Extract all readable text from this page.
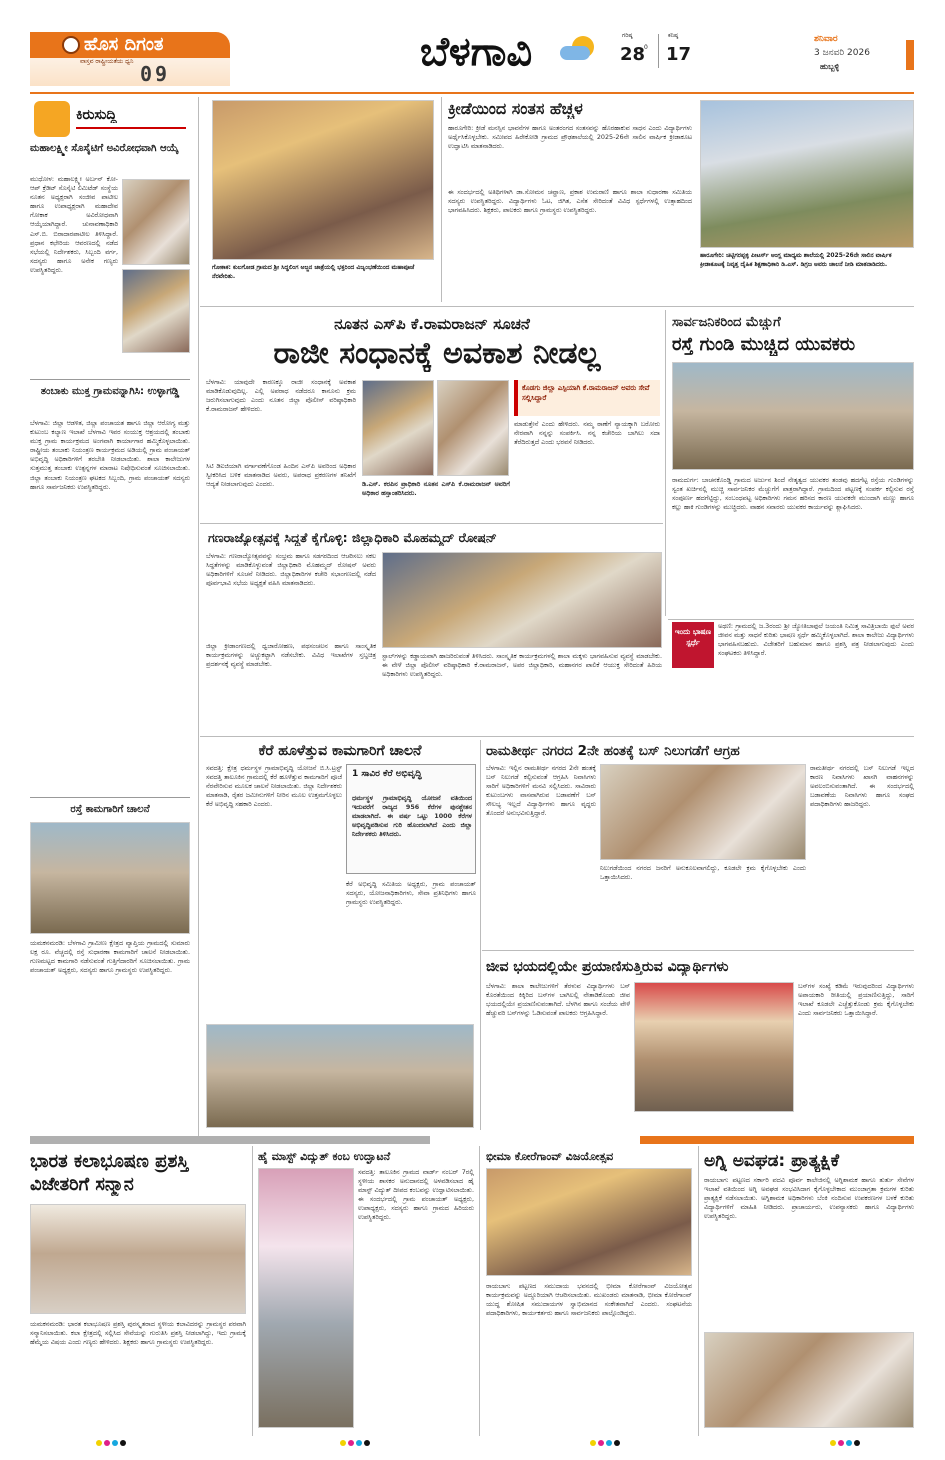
ಹೊಸ ದಿಗಂತ
ವಾಸ್ತವ ರಾಷ್ಟ್ರೀಯತೆಯ ಧ್ವನಿ
09	ಬೆಳಗಾವಿ	ಗರಿಷ್ಠ
28
0
ಕನಿಷ್ಠ
17
ಶನಿವಾರ
3 ಜನವರಿ 2026
ಹುಬ್ಬಳ್ಳಿ
ಕಿರುಸುದ್ದಿ
ಮಹಾಲಕ್ಷ್ಮೀ ಸೊಸೈಟಿಗೆ ಅವಿರೋಧವಾಗಿ ಆಯ್ಕೆ
ಮುಧೋಳ: ಮಹಾಲಕ್ಷ್ಮೀ ಅರ್ಬನ್ ಕೋ-ಆಪ್ ಕ್ರೆಡಿಟ್ ಸೊಸೈಟಿ ಲಿಮಿಟೆಡ್ ಸಂಸ್ಥೆಯ ನೂತನ ಅಧ್ಯಕ್ಷರಾಗಿ ಸಂಜೀವ ಪಾಟೀಲ ಹಾಗೂ ಉಪಾಧ್ಯಕ್ಷರಾಗಿ ಮಹಾದೇವ ಗೋಕಾಕ ಅವಿರೋಧವಾಗಿ ಆಯ್ಕೆಯಾಗಿದ್ದಾರೆ. ಚುನಾವಣಾಧಿಕಾರಿ ಎಸ್.ಬಿ. ಬಿರಾದಾರಪಾಟೀಲ ತಿಳಿಸಿದ್ದಾರೆ. ಪ್ರಧಾನ ಕಛೇರಿಯ ಆವರಣದಲ್ಲಿ ನಡೆದ ಸಭೆಯಲ್ಲಿ ನಿರ್ದೇಶಕರು, ಸಿಬ್ಬಂದಿ ವರ್ಗ, ಸದಸ್ಯರು ಹಾಗೂ ಅನೇಕ ಗಣ್ಯರು ಉಪಸ್ಥಿತರಿದ್ದರು.
ತಂಬಾಕು ಮುಕ್ತ ಗ್ರಾಮವನ್ನಾಗಿಸಿ: ಉಳ್ಳಾಗಡ್ಡಿ
ಬೆಳಗಾವಿ: ಜಿಲ್ಲಾ ಆಡಳಿತ, ಜಿಲ್ಲಾ ಪಂಚಾಯತ ಹಾಗೂ ಜಿಲ್ಲಾ ಆರೋಗ್ಯ ಮತ್ತು ಕುಟುಂಬ ಕಲ್ಯಾಣ ಇಲಾಖೆ ಬೆಳಗಾವಿ ಇವರ ಸಂಯುಕ್ತ ಆಶ್ರಯದಲ್ಲಿ ತಂಬಾಕು ಮುಕ್ತ ಗ್ರಾಮ ಕಾರ್ಯಕ್ರಮದ ಅಂಗವಾಗಿ ಕಾರ್ಯಾಗಾರ ಹಮ್ಮಿಕೊಳ್ಳಲಾಯಿತು. ರಾಷ್ಟ್ರೀಯ ತಂಬಾಕು ನಿಯಂತ್ರಣ ಕಾರ್ಯಕ್ರಮದ ಅಡಿಯಲ್ಲಿ ಗ್ರಾಮ ಪಂಚಾಯತ್ ಅಭಿವೃದ್ಧಿ ಅಧಿಕಾರಿಗಳಿಗೆ ತರಬೇತಿ ನೀಡಲಾಯಿತು. ಶಾಲಾ ಕಾಲೇಜುಗಳ ಸುತ್ತಮುತ್ತ ತಂಬಾಕು ಉತ್ಪನ್ನಗಳ ಮಾರಾಟ ನಿಷೇಧಿಸುವಂತೆ ಸೂಚಿಸಲಾಯಿತು. ಜಿಲ್ಲಾ ತಂಬಾಕು ನಿಯಂತ್ರಣ ಘಟಕದ ಸಿಬ್ಬಂದಿ, ಗ್ರಾಮ ಪಂಚಾಯತ್ ಸದಸ್ಯರು ಹಾಗೂ ಸಾರ್ವಜನಿಕರು ಉಪಸ್ಥಿತರಿದ್ದರು.
ರಸ್ತೆ ಕಾಮಗಾರಿಗೆ ಚಾಲನೆ
ಯಮಕನಮರಡಿ: ಬೆಳಗಾವಿ ಗ್ರಾಮೀಣ ಕ್ಷೇತ್ರದ ವ್ಯಾಪ್ತಿಯ ಗ್ರಾಮದಲ್ಲಿ ಸುಮಾರು ಲಕ್ಷ ರೂ. ವೆಚ್ಚದಲ್ಲಿ ರಸ್ತೆ ಸುಧಾರಣಾ ಕಾಮಗಾರಿಗೆ ಚಾಲನೆ ನೀಡಲಾಯಿತು. ಗುಣಮಟ್ಟದ ಕಾಮಗಾರಿ ನಡೆಸುವಂತೆ ಗುತ್ತಿಗೆದಾರರಿಗೆ ಸೂಚಿಸಲಾಯಿತು. ಗ್ರಾಮ ಪಂಚಾಯತ್ ಅಧ್ಯಕ್ಷರು, ಸದಸ್ಯರು ಹಾಗೂ ಗ್ರಾಮಸ್ಥರು ಉಪಸ್ಥಿತರಿದ್ದರು.
ಗೋಕಾಕ: ಕುಲಗೋಡ ಗ್ರಾಮದ ಶ್ರೀ ಸಿದ್ಧಲಿಂಗ ಅಜ್ಜನ ಜಾತ್ರೆಯಲ್ಲಿ ಭಕ್ತರಿಂದ ವಿಜೃಂಭಣೆಯಿಂದ ಮಹಾಪೂಜೆ ನೆರವೇರಿತು.
ಕ್ರೀಡೆಯಿಂದ ಸಂತಸ ಹೆಚ್ಚಳ
ಹಾರೂಗೇರಿ: ಕ್ರೀಡೆ ಮನಸ್ಸಿನ ಭಾವನೆಗಳ ಹಾಗೂ ಅಂತರಂಗದ ಸಂತಸವನ್ನು ಹೊರಹಾಕುವ ಸಾಧನ ಎಂದು ವಿದ್ಯಾರ್ಥಿಗಳು ಅರ್ಥೈಸಿಕೊಳ್ಳಬೇಕು. ಸಮೀಪದ ಹಿರೇಕೋಡಿ ಗ್ರಾಮದ ಪ್ರೌಢಶಾಲೆಯಲ್ಲಿ 2025-26ನೇ ಸಾಲಿನ ವಾರ್ಷಿಕ ಕ್ರೀಡಾಕೂಟ ಉದ್ಘಾಟಿಸಿ ಮಾತನಾಡಿದರು.
ಈ ಸಂದರ್ಭದಲ್ಲಿ ಅತಿಥಿಗಳಾಗಿ ಡಾ.ಸೋಮನ ಚವ್ಹಾಣ, ಪ್ರಕಾಶ ಉಮರಾಣಿ ಹಾಗೂ ಶಾಲಾ ಸುಧಾರಣಾ ಸಮಿತಿಯ ಸದಸ್ಯರು ಉಪಸ್ಥಿತರಿದ್ದರು. ವಿದ್ಯಾರ್ಥಿಗಳು ಓಟ, ಜಿಗಿತ, ಎಸೆತ ಸೇರಿದಂತೆ ವಿವಿಧ ಸ್ಪರ್ಧೆಗಳಲ್ಲಿ ಉತ್ಸಾಹದಿಂದ ಭಾಗವಹಿಸಿದರು. ಶಿಕ್ಷಕರು, ಪಾಲಕರು ಹಾಗೂ ಗ್ರಾಮಸ್ಥರು ಉಪಸ್ಥಿತರಿದ್ದರು.
ಹಾರೂಗೇರಿ: ಚಿಟ್ಟಿಗರಪ್ಪಳ್ಳಿ ಪೀಟರ್ಸ್ ಆಂಗ್ಲ ಮಾಧ್ಯಮ ಶಾಲೆಯಲ್ಲಿ 2025-26ನೇ ಸಾಲಿನ ವಾರ್ಷಿಕ ಕ್ರೀಡಾಕೂಟಕ್ಕೆ ನಿವೃತ್ತ ದೈಹಿಕ ಶಿಕ್ಷಣಾಧಿಕಾರಿ ಡಿ.ಎಸ್. ಡಿಗ್ರಜ ಅವರು ಚಾಲನೆ ನೀಡಿ ಮಾತನಾಡಿದರು.
ನೂತನ ಎಸ್‌ಪಿ ಕೆ.ರಾಮರಾಜನ್ ಸೂಚನೆ
ರಾಜೀ ಸಂಧಾನಕ್ಕೆ ಅವಕಾಶ ನೀಡಲ್ಲ
ಬೆಳಗಾವಿ: ಯಾವುದೇ ಕಾರಣಕ್ಕೂ ರಾಜೀ ಸಂಧಾನಕ್ಕೆ ಅವಕಾಶ ಮಾಡಿಕೊಡುವುದಿಲ್ಲ. ಎಲ್ಲಿ ಅಪರಾಧ ನಡೆದರೂ ಕಾನೂನು ಕ್ರಮ ಜರುಗಿಸಲಾಗುವುದು ಎಂದು ನೂತನ ಜಿಲ್ಲಾ ಪೊಲೀಸ್ ವರಿಷ್ಠಾಧಿಕಾರಿ ಕೆ.ರಾಮರಾಜನ್ ಹೇಳಿದರು.
ಸಿಟಿ ಡಿಐಜಿಯಾಗಿ ವರ್ಗಾವಣೆಗೊಂಡ ಹಿಂದಿನ ಎಸ್‌ಪಿ ಅವರಿಂದ ಅಧಿಕಾರ ಸ್ವೀಕರಿಸಿದ ಬಳಿಕ ಮಾತನಾಡಿದ ಅವರು, ಅಪರಾಧ ಪ್ರಕರಣಗಳ ತನಿಖೆಗೆ ಆದ್ಯತೆ ನೀಡಲಾಗುವುದು ಎಂದರು.	ಡಿ.ಎಸ್. ಕರಪಿನ ಪ್ರಾಧಿಕಾರಿ ನೂತನ ಎಸ್‌ಪಿ ಕೆ.ರಾಮರಾಜನ್ ಅವರಿಗೆ ಅಧಿಕಾರ ಹಸ್ತಾಂತರಿಸಿದರು.
ಕೊಡಗು ಜಿಲ್ಲಾ ಎಸ್ಪಿಯಾಗಿ ಕೆ.ರಾಮರಾಜನ್ ಅವರು ಸೇವೆ ಸಲ್ಲಿಸಿದ್ದಾರೆ
ಮಾಡುತ್ತೇನೆ ಎಂದು ಹೇಳಿದರು. ನಮ್ಮ ಠಾಣೆಗೆ ನ್ಯಾಯಕ್ಕಾಗಿ ಬರೋರು ನೇರವಾಗಿ ನನ್ನನ್ನು ಸಂಪರ್ಕಿಸಿ. ನನ್ನ ಕಚೇರಿಯ ಬಾಗಿಲು ಸದಾ ತೆರೆದಿರುತ್ತದೆ ಎಂದು ಭರವಸೆ ನೀಡಿದರು.
ಸಾರ್ವಜನಿಕರಿಂದ ಮೆಚ್ಚುಗೆ
ರಸ್ತೆ ಗುಂಡಿ ಮುಚ್ಚಿದ ಯುವಕರು
ರಾಮದುರ್ಗ: ಬಾಚನಕೊಂಡ್ಡಿ ಗ್ರಾಮದ ಅರ್ಜುನ ಶಿಂದೆ ನೇತೃತ್ವದ ಯುವಕರ ತಂಡವು ಹದಗೆಟ್ಟ ರಸ್ತೆಯ ಗುಂಡಿಗಳನ್ನು ಸ್ವಂತ ಖರ್ಚಿನಲ್ಲಿ ಮುಚ್ಚಿ ಸಾರ್ವಜನಿಕರ ಮೆಚ್ಚುಗೆಗೆ ಪಾತ್ರರಾಗಿದ್ದಾರೆ. ಗ್ರಾಮದಿಂದ ಪಟ್ಟಣಕ್ಕೆ ಸಂಪರ್ಕ ಕಲ್ಪಿಸುವ ರಸ್ತೆ ಸಂಪೂರ್ಣ ಹದಗೆಟ್ಟಿದ್ದು, ಸಂಬಂಧಪಟ್ಟ ಅಧಿಕಾರಿಗಳು ಗಮನ ಹರಿಸದ ಕಾರಣ ಯುವಕರೇ ಮುಂದಾಗಿ ಮಣ್ಣು ಹಾಗೂ ಕಲ್ಲು ಹಾಕಿ ಗುಂಡಿಗಳನ್ನು ಮುಚ್ಚಿದರು. ವಾಹನ ಸವಾರರು ಯುವಕರ ಕಾರ್ಯವನ್ನು ಶ್ಲಾಘಿಸಿದರು.
ಗಣರಾಜ್ಯೋತ್ಸವಕ್ಕೆ ಸಿದ್ಧತೆ ಕೈಗೊಳ್ಳಿ: ಜಿಲ್ಲಾಧಿಕಾರಿ ಮೊಹಮ್ಮದ್ ರೋಷನ್
ಬೆಳಗಾವಿ: ಗಣರಾಜ್ಯೋತ್ಸವವನ್ನು ಸಂಭ್ರಮ ಹಾಗೂ ಸಡಗರದಿಂದ ಆಚರಿಸಲು ಸಕಲ ಸಿದ್ಧತೆಗಳನ್ನು ಮಾಡಿಕೊಳ್ಳುವಂತೆ ಜಿಲ್ಲಾಧಿಕಾರಿ ಮೊಹಮ್ಮದ್ ರೋಷನ್ ಅವರು ಅಧಿಕಾರಿಗಳಿಗೆ ಸೂಚನೆ ನೀಡಿದರು. ಜಿಲ್ಲಾಧಿಕಾರಿಗಳ ಕಚೇರಿ ಸಭಾಂಗಣದಲ್ಲಿ ನಡೆದ ಪೂರ್ವಭಾವಿ ಸಭೆಯ ಅಧ್ಯಕ್ಷತೆ ವಹಿಸಿ ಮಾತನಾಡಿದರು.
ಜಿಲ್ಲಾ ಕ್ರೀಡಾಂಗಣದಲ್ಲಿ ಧ್ವಜಾರೋಹಣ, ಪಥಸಂಚಲನ ಹಾಗೂ ಸಾಂಸ್ಕೃತಿಕ ಕಾರ್ಯಕ್ರಮಗಳನ್ನು ಅಚ್ಚುಕಟ್ಟಾಗಿ ನಡೆಸಬೇಕು. ವಿವಿಧ ಇಲಾಖೆಗಳ ಸ್ತಬ್ಧಚಿತ್ರ ಪ್ರದರ್ಶನಕ್ಕೆ ವ್ಯವಸ್ಥೆ ಮಾಡಬೇಕು.
ಸ್ಟಾಲ್‌ಗಳನ್ನು ಕಡ್ಡಾಯವಾಗಿ ಹಾಜರಿರುವಂತೆ ತಿಳಿಸಿದರು. ಸಾಂಸ್ಕೃತಿಕ ಕಾರ್ಯಕ್ರಮಗಳಲ್ಲಿ ಶಾಲಾ ಮಕ್ಕಳು ಭಾಗವಹಿಸುವ ವ್ಯವಸ್ಥೆ ಮಾಡಬೇಕು. ಈ ವೇಳೆ ಜಿಲ್ಲಾ ಪೊಲೀಸ್ ವರಿಷ್ಠಾಧಿಕಾರಿ ಕೆ.ರಾಮರಾಜನ್, ಅಪರ ಜಿಲ್ಲಾಧಿಕಾರಿ, ಮಹಾನಗರ ಪಾಲಿಕೆ ಆಯುಕ್ತ ಸೇರಿದಂತೆ ಹಿರಿಯ ಅಧಿಕಾರಿಗಳು ಉಪಸ್ಥಿತರಿದ್ದರು.
ಇಂದು ಭಾಷಣ ಸ್ಪರ್ಧೆ
ಅಥಣಿ: ಗ್ರಾಮದಲ್ಲಿ ಜ.3ರಂದು ಶ್ರೀ ಜ್ಯೋತಿಬಾಫುಲೆ ಜಯಂತಿ ನಿಮಿತ್ತ ಸಾವಿತ್ರಿಬಾಯಿ ಫುಲೆ ಅವರ ಜೀವನ ಮತ್ತು ಸಾಧನೆ ಕುರಿತು ಭಾಷಣ ಸ್ಪರ್ಧೆ ಹಮ್ಮಿಕೊಳ್ಳಲಾಗಿದೆ. ಶಾಲಾ ಕಾಲೇಜು ವಿದ್ಯಾರ್ಥಿಗಳು ಭಾಗವಹಿಸಬಹುದು. ವಿಜೇತರಿಗೆ ಬಹುಮಾನ ಹಾಗೂ ಪ್ರಶಸ್ತಿ ಪತ್ರ ನೀಡಲಾಗುವುದು ಎಂದು ಸಂಘಟಕರು ತಿಳಿಸಿದ್ದಾರೆ.
ಕೆರೆ ಹೂಳೆತ್ತುವ ಕಾಮಗಾರಿಗೆ ಚಾಲನೆ
ಸವದತ್ತಿ: ಕ್ಷೇತ್ರ ಧರ್ಮಸ್ಥಳ ಗ್ರಾಮಾಭಿವೃದ್ಧಿ ಯೋಜನೆ ಬಿ.ಸಿ.ಟ್ರಸ್ಟ್ ಸವದತ್ತಿ ತಾಲೂಕಿನ ಗ್ರಾಮದಲ್ಲಿ ಕೆರೆ ಹೂಳೆತ್ತುವ ಕಾಮಗಾರಿಗೆ ಪೂಜೆ ನೆರವೇರಿಸುವ ಮೂಲಕ ಚಾಲನೆ ನೀಡಲಾಯಿತು. ಜಿಲ್ಲಾ ನಿರ್ದೇಶಕರು ಮಾತನಾಡಿ, ರೈತರ ಜಮೀನುಗಳಿಗೆ ನೀರಿನ ಮೂಲ ಉತ್ತಮಗೊಳ್ಳಲು ಕೆರೆ ಅಭಿವೃದ್ಧಿ ಸಹಕಾರಿ ಎಂದರು.
1 ಸಾವಿರ ಕೆರೆ ಅಭಿವೃದ್ಧಿ
ಧರ್ಮಸ್ಥಳ ಗ್ರಾಮಾಭಿವೃದ್ಧಿ ಯೋಜನೆ ವತಿಯಿಂದ ಇದುವರೆಗೆ ರಾಜ್ಯದ 956 ಕೆರೆಗಳ ಪುನಶ್ಚೇತನ ಮಾಡಲಾಗಿದೆ. ಈ ವರ್ಷ ಒಟ್ಟು 1000 ಕೆರೆಗಳ ಅಭಿವೃದ್ಧಿಪಡಿಸುವ ಗುರಿ ಹೊಂದಲಾಗಿದೆ ಎಂದು ಜಿಲ್ಲಾ ನಿರ್ದೇಶಕರು ತಿಳಿಸಿದರು.
ಕೆರೆ ಅಭಿವೃದ್ಧಿ ಸಮಿತಿಯ ಅಧ್ಯಕ್ಷರು, ಗ್ರಾಮ ಪಂಚಾಯತ್ ಸದಸ್ಯರು, ಯೋಜನಾಧಿಕಾರಿಗಳು, ಸೇವಾ ಪ್ರತಿನಿಧಿಗಳು ಹಾಗೂ ಗ್ರಾಮಸ್ಥರು ಉಪಸ್ಥಿತರಿದ್ದರು.
ರಾಮತೀರ್ಥ ನಗರದ 2ನೇ ಹಂತಕ್ಕೆ ಬಸ್ ನಿಲುಗಡೆಗೆ ಆಗ್ರಹ
ಬೆಳಗಾವಿ: ಇಲ್ಲಿನ ರಾಮತೀರ್ಥ ನಗರದ 2ನೇ ಹಂತಕ್ಕೆ ಬಸ್ ನಿಲುಗಡೆ ಕಲ್ಪಿಸುವಂತೆ ಆಗ್ರಹಿಸಿ ನಿವಾಸಿಗಳು ಸಾರಿಗೆ ಅಧಿಕಾರಿಗಳಿಗೆ ಮನವಿ ಸಲ್ಲಿಸಿದರು. ಸಾವಿರಾರು ಕುಟುಂಬಗಳು ವಾಸವಾಗಿರುವ ಬಡಾವಣೆಗೆ ಬಸ್ ಸೌಲಭ್ಯ ಇಲ್ಲದೆ ವಿದ್ಯಾರ್ಥಿಗಳು ಹಾಗೂ ವೃದ್ಧರು ತೊಂದರೆ ಅನುಭವಿಸುತ್ತಿದ್ದಾರೆ.
ನಿಲುಗಡೆಯಿಂದ ನಗರದ ಜನರಿಗೆ ಅನುಕೂಲವಾಗಲಿದ್ದು, ಕೂಡಲೇ ಕ್ರಮ ಕೈಗೊಳ್ಳಬೇಕು ಎಂದು ಒತ್ತಾಯಿಸಿದರು.
ರಾಮತೀರ್ಥ ನಗರದಲ್ಲಿ ಬಸ್ ನಿಲುಗಡೆ ಇಲ್ಲದ ಕಾರಣ ನಿವಾಸಿಗಳು ಖಾಸಗಿ ವಾಹನಗಳನ್ನು ಅವಲಂಬಿಸುವಂತಾಗಿದೆ. ಈ ಸಂದರ್ಭದಲ್ಲಿ ಬಡಾವಣೆಯ ನಿವಾಸಿಗಳು ಹಾಗೂ ಸಂಘದ ಪದಾಧಿಕಾರಿಗಳು ಹಾಜರಿದ್ದರು.
ಜೀವ ಭಯದಲ್ಲಿಯೇ ಪ್ರಯಾಣಿಸುತ್ತಿರುವ ವಿದ್ಯಾರ್ಥಿಗಳು
ಬೆಳಗಾವಿ: ಶಾಲಾ ಕಾಲೇಜುಗಳಿಗೆ ತೆರಳುವ ವಿದ್ಯಾರ್ಥಿಗಳು ಬಸ್ ಕೊರತೆಯಿಂದ ಕಿಕ್ಕಿರಿದ ಬಸ್‌ಗಳ ಬಾಗಿಲಲ್ಲಿ ನೇತಾಡಿಕೊಂಡು ಜೀವ ಭಯದಲ್ಲಿಯೇ ಪ್ರಯಾಣಿಸುವಂತಾಗಿದೆ. ಬೆಳಗಿನ ಹಾಗೂ ಸಂಜೆಯ ವೇಳೆ ಹೆಚ್ಚುವರಿ ಬಸ್‌ಗಳನ್ನು ಓಡಿಸುವಂತೆ ಪಾಲಕರು ಆಗ್ರಹಿಸಿದ್ದಾರೆ.
ಬಸ್‌ಗಳ ಸಂಖ್ಯೆ ಕಡಿಮೆ ಇರುವುದರಿಂದ ವಿದ್ಯಾರ್ಥಿಗಳು ಅಪಾಯಕಾರಿ ರೀತಿಯಲ್ಲಿ ಪ್ರಯಾಣಿಸುತ್ತಿದ್ದು, ಸಾರಿಗೆ ಇಲಾಖೆ ಕೂಡಲೇ ಎಚ್ಚೆತ್ತುಕೊಂಡು ಕ್ರಮ ಕೈಗೊಳ್ಳಬೇಕು ಎಂದು ಸಾರ್ವಜನಿಕರು ಒತ್ತಾಯಿಸಿದ್ದಾರೆ.
ಭಾರತ ಕಲಾಭೂಷಣ ಪ್ರಶಸ್ತಿ ವಿಜೇತರಿಗೆ ಸನ್ಮಾನ
ಯಮಕನಮರಡಿ: ಭಾರತ ಕಲಾಭೂಷಣ ಪ್ರಶಸ್ತಿ ಪುರಸ್ಕೃತರಾದ ಸ್ಥಳೀಯ ಕಲಾವಿದರನ್ನು ಗ್ರಾಮಸ್ಥರ ಪರವಾಗಿ ಸನ್ಮಾನಿಸಲಾಯಿತು. ಕಲಾ ಕ್ಷೇತ್ರದಲ್ಲಿ ಸಲ್ಲಿಸಿದ ಸೇವೆಯನ್ನು ಗುರುತಿಸಿ ಪ್ರಶಸ್ತಿ ನೀಡಲಾಗಿದ್ದು, ಇದು ಗ್ರಾಮಕ್ಕೆ ಹೆಮ್ಮೆಯ ವಿಷಯ ಎಂದು ಗಣ್ಯರು ಹೇಳಿದರು. ಶಿಕ್ಷಕರು ಹಾಗೂ ಗ್ರಾಮಸ್ಥರು ಉಪಸ್ಥಿತರಿದ್ದರು.
ಹೈ ಮಾಸ್ಟ್ ವಿದ್ಯುತ್ ಕಂಬ ಉದ್ಘಾಟನೆ
ಸವದತ್ತಿ: ತಾಲೂಕಿನ ಗ್ರಾಮದ ವಾರ್ಡ್ ನಂಬರ್ 7ರಲ್ಲಿ ಸ್ಥಳೀಯ ಶಾಸಕರ ಅನುದಾನದಲ್ಲಿ ಅಳವಡಿಸಲಾದ ಹೈ ಮಾಸ್ಟ್ ವಿದ್ಯುತ್ ದೀಪದ ಕಂಬವನ್ನು ಉದ್ಘಾಟಿಸಲಾಯಿತು. ಈ ಸಂದರ್ಭದಲ್ಲಿ ಗ್ರಾಮ ಪಂಚಾಯತ್ ಅಧ್ಯಕ್ಷರು, ಉಪಾಧ್ಯಕ್ಷರು, ಸದಸ್ಯರು ಹಾಗೂ ಗ್ರಾಮದ ಹಿರಿಯರು ಉಪಸ್ಥಿತರಿದ್ದರು.
ಭೀಮಾ ಕೋರೆಗಾಂವ್ ವಿಜಯೋತ್ಸವ
ರಾಯಬಾಗ: ಪಟ್ಟಣದ ಸಮುದಾಯ ಭವನದಲ್ಲಿ ಭೀಮಾ ಕೋರೆಗಾಂವ್ ವಿಜಯೋತ್ಸವ ಕಾರ್ಯಕ್ರಮವನ್ನು ಅದ್ದೂರಿಯಾಗಿ ಆಚರಿಸಲಾಯಿತು. ಮುಖಂಡರು ಮಾತನಾಡಿ, ಭೀಮಾ ಕೋರೆಗಾಂವ್ ಯುದ್ಧ ಶೋಷಿತ ಸಮುದಾಯಗಳ ಸ್ವಾಭಿಮಾನದ ಸಂಕೇತವಾಗಿದೆ ಎಂದರು. ಸಂಘಟನೆಯ ಪದಾಧಿಕಾರಿಗಳು, ಕಾರ್ಯಕರ್ತರು ಹಾಗೂ ಸಾರ್ವಜನಿಕರು ಪಾಲ್ಗೊಂಡಿದ್ದರು.
ಅಗ್ನಿ ಅವಘಡ: ಪ್ರಾತ್ಯಕ್ಷಿಕೆ
ರಾಯಬಾಗ: ಪಟ್ಟಣದ ಸರ್ಕಾರಿ ಪದವಿ ಪೂರ್ವ ಕಾಲೇಜಿನಲ್ಲಿ ಅಗ್ನಿಶಾಮಕ ಹಾಗೂ ತುರ್ತು ಸೇವೆಗಳ ಇಲಾಖೆ ವತಿಯಿಂದ ಅಗ್ನಿ ಅವಘಡ ಸಂಭವಿಸಿದಾಗ ಕೈಗೊಳ್ಳಬೇಕಾದ ಮುಂಜಾಗ್ರತಾ ಕ್ರಮಗಳ ಕುರಿತು ಪ್ರಾತ್ಯಕ್ಷಿಕೆ ನಡೆಸಲಾಯಿತು. ಅಗ್ನಿಶಾಮಕ ಅಧಿಕಾರಿಗಳು ಬೆಂಕಿ ನಂದಿಸುವ ಉಪಕರಣಗಳ ಬಳಕೆ ಕುರಿತು ವಿದ್ಯಾರ್ಥಿಗಳಿಗೆ ಮಾಹಿತಿ ನೀಡಿದರು. ಪ್ರಾಚಾರ್ಯರು, ಉಪನ್ಯಾಸಕರು ಹಾಗೂ ವಿದ್ಯಾರ್ಥಿಗಳು ಉಪಸ್ಥಿತರಿದ್ದರು.
